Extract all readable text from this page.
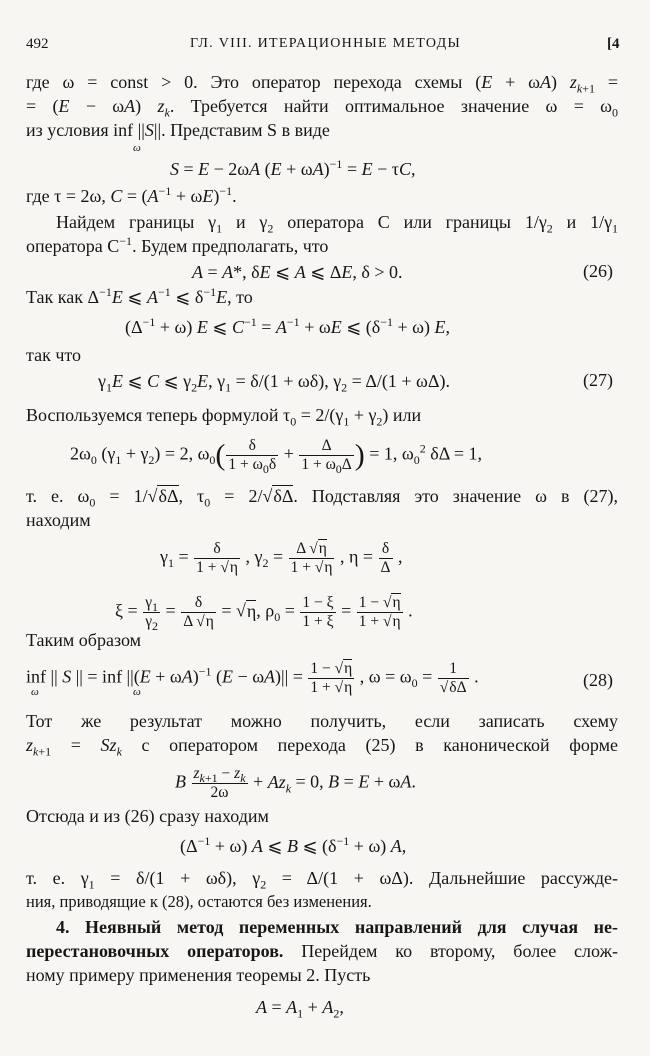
492	ГЛ. VIII. ИТЕРАЦИОННЫЕ МЕТОДЫ	[4
где ω = const > 0. Это оператор перехода схемы (E + ωA) $z_{k+1}$ =
= (E − ωA) $z_k$. Требуется найти оптимальное значение $\omega = \omega_0$
из условия inf ||S||. Представим S в виде
ω
S = E − 2ωA $(E + \omega A)^{-1} = E - \tau C$,
где τ = 2ω, $C = (A^{-1} + \omega E)^{-1}$.
Найдем границы $\gamma_1$ и $\gamma_2$ оператора C или границы $1/\gamma_2$ и $1/\gamma_1$
оператора $C^{-1}$. Будем предполагать, что
A = A*, δE ⩽ A ⩽ ΔE, δ > 0.	(26)
Так как $\Delta^{-1}E$ ⩽ $A^{-1}$ ⩽ $\delta^{-1}E$, то
$(\Delta^{-1} + \omega)$ E ⩽ $C^{-1} = A^{-1} + \omega E$ ⩽ $(\delta^{-1} + \omega)$ E,
так что
$\gamma_1E$ ⩽ C ⩽ $\gamma_2E$, $\gamma_1 = \delta/(1 + \omega\delta)$, $\gamma_2 = \Delta/(1 + \omega\Delta)$.	(27)
Воспользуемся теперь формулой $\tau_0 = 2/(\gamma_1 + \gamma_2)$ или
$2\omega_0$ $(\gamma_1 + \gamma_2) = 2$, $\omega_0( \frac{\delta}{1 + \omega_0\delta} + \frac{\Delta}{1 + \omega_0\Delta}$ ) = 1, $\omega_0^2$ δΔ = 1,
т. е. $\omega_0 = 1/√\delta\Delta$, $\tau_0 = 2/√\delta\Delta$. Подставляя это значение ω в (27),
находим
$\gamma_1 = \frac{\delta}{1 + √\eta}$ , $\gamma_2 = \frac{\Delta √\eta}{1 + √\eta}$ , $\eta = \frac{\delta}{\Delta}$ ,
$\xi = \frac{\gamma_1}{\gamma_2} = \frac{\delta}{\Delta √\eta} = √\eta$, $\rho_0 = \frac{1 - \xi}{1 + \xi} = \frac{1 - √\eta}{1 + √\eta}$ .
Таким образом
inf || S || = inf $||(E + \omega A)^{-1}$ $(E - \omega A)|| = \frac{1 - √\eta}{1 + √\eta}$ , $\omega = \omega_0 = \frac{1}{√\delta\Delta}$ .
ω	ω
(28)
Тот же результат можно получить, если записать схему
$z_{k+1} = Sz_k$ с оператором перехода (25) в канонической форме
B $\frac{z_{k+1} - z_k}{2\omega} + Az_k = 0$, B = E + ωA.
Отсюда и из (26) сразу находим
$(\Delta^{-1} + \omega)$ A ⩽ B ⩽ $(\delta^{-1} + \omega)$ A,
т. е. $\gamma_1 = \delta/(1 + \omega\delta)$, $\gamma_2 = \Delta/(1 + \omega\Delta)$. Дальнейшие рассужде-
ния, приводящие к (28), остаются без изменения.
4. Неявный метод переменных направлений для случая не-
перестановочных операторов. Перейдем ко второму, более слож-
ному примеру применения теоремы 2. Пусть
$A = A_1 + A_2$,
